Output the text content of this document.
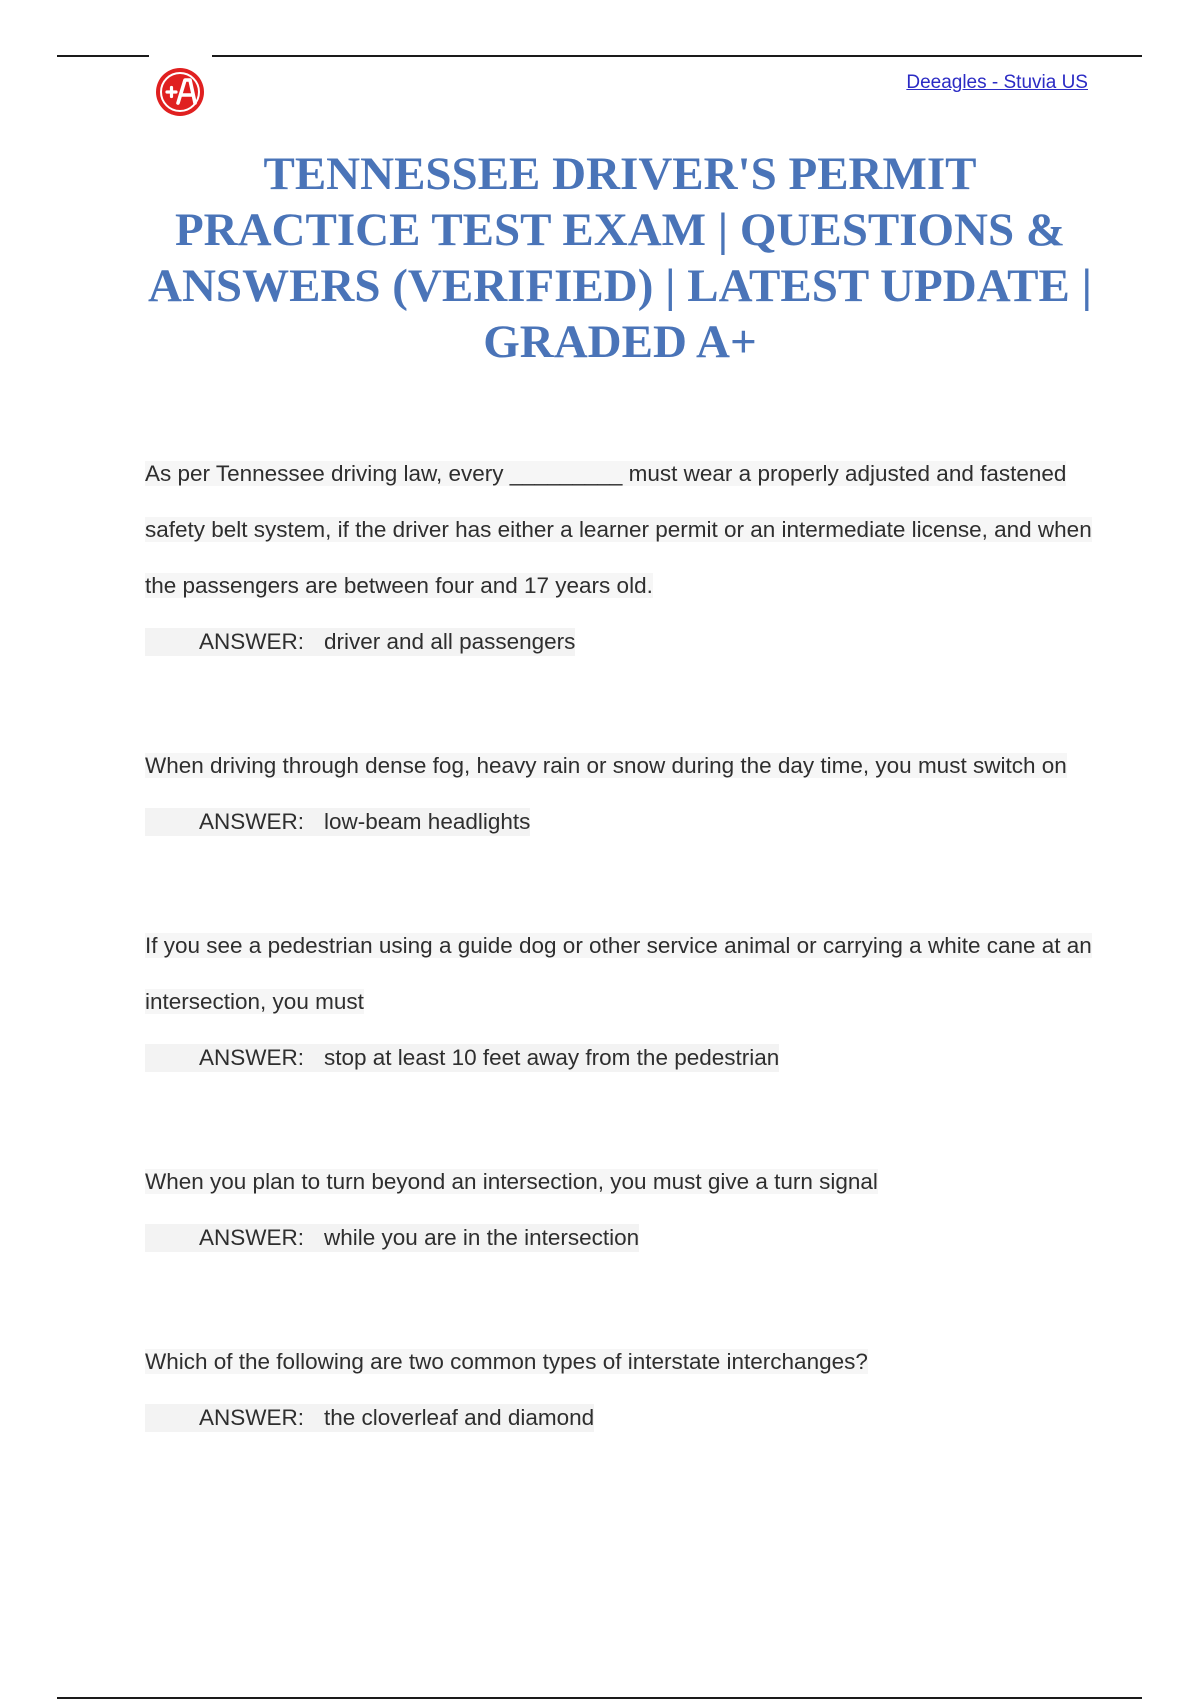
Deeagles - Stuvia US
TENNESSEE DRIVER'S PERMIT PRACTICE TEST EXAM | QUESTIONS & ANSWERS (VERIFIED) | LATEST UPDATE | GRADED A+

As per Tennessee driving law, every _________ must wear a properly adjusted and fastened safety belt system, if the driver has either a learner permit or an intermediate license, and when the passengers are between four and 17 years old.

ANSWER: driver and all passengers

When driving through dense fog, heavy rain or snow during the day time, you must switch on

ANSWER: low-beam headlights

If you see a pedestrian using a guide dog or other service animal or carrying a white cane at an intersection, you must

ANSWER: stop at least 10 feet away from the pedestrian

When you plan to turn beyond an intersection, you must give a turn signal

ANSWER: while you are in the intersection

Which of the following are two common types of interstate interchanges?

ANSWER: the cloverleaf and diamond
